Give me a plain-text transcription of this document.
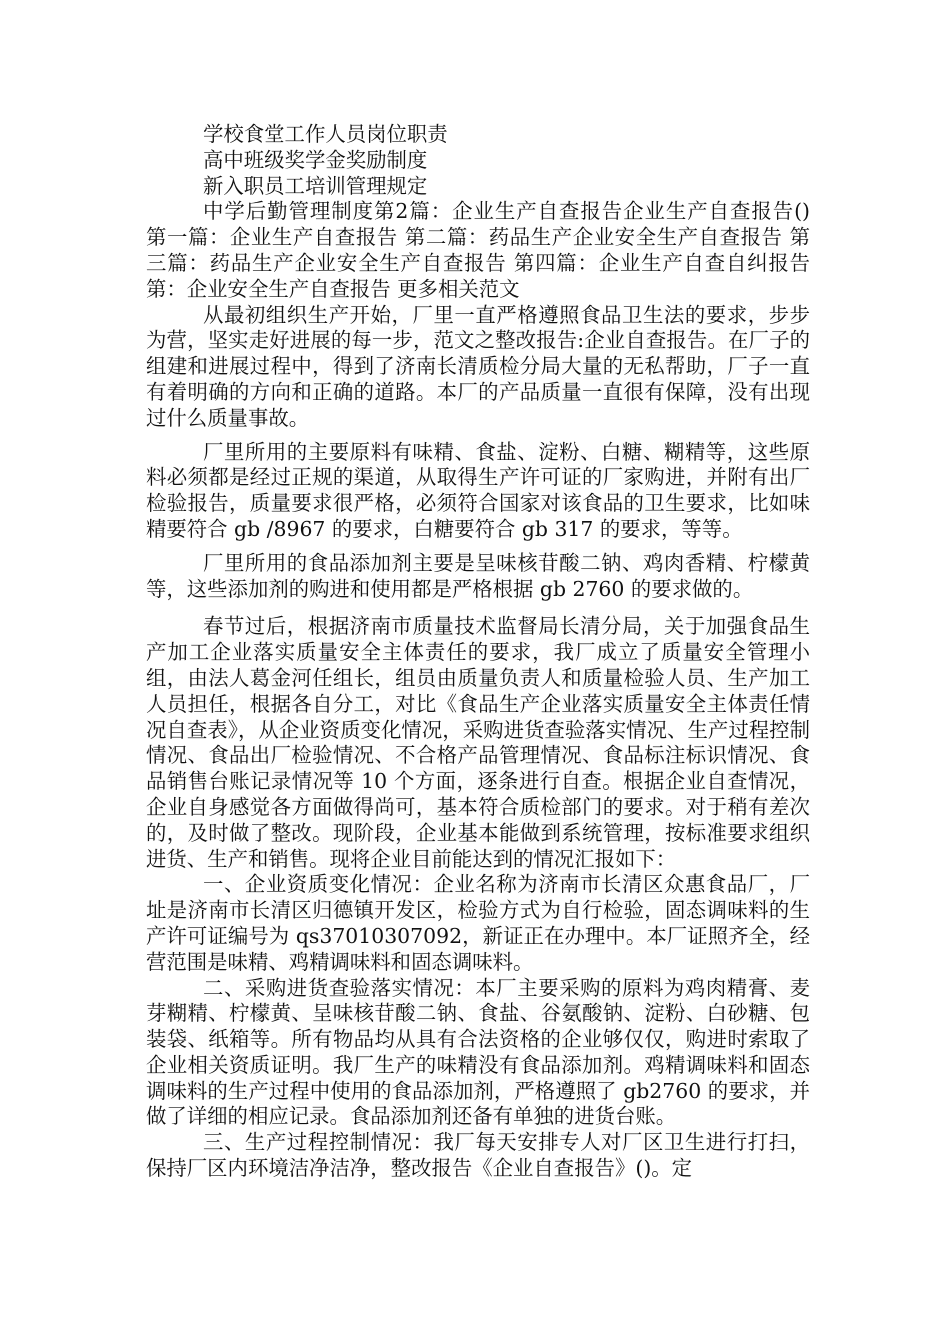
学校食堂工作人员岗位职责

高中班级奖学金奖励制度

新入职员工培训管理规定

中学后勤管理制度第2篇：企业生产自查报告企业生产自查报告()　第一篇：企业生产自查报告 第二篇：药品生产企业安全生产自查报告 第三篇：药品生产企业安全生产自查报告 第四篇：企业生产自查自纠报告 第：企业安全生产自查报告 更多相关范文

从最初组织生产开始，厂里一直严格遵照食品卫生法的要求，步步为营，坚实走好进展的每一步，范文之整改报告:企业自查报告。在厂子的组建和进展过程中，得到了济南长清质检分局大量的无私帮助，厂子一直有着明确的方向和正确的道路。本厂的产品质量一直很有保障，没有出现过什么质量事故。

厂里所用的主要原料有味精、食盐、淀粉、白糖、糊精等，这些原料必须都是经过正规的渠道，从取得生产许可证的厂家购进，并附有出厂检验报告，质量要求很严格，必须符合国家对该食品的卫生要求，比如味精要符合 gb /8967 的要求，白糖要符合 gb 317 的要求，等等。

厂里所用的食品添加剂主要是呈味核苷酸二钠、鸡肉香精、柠檬黄等，这些添加剂的购进和使用都是严格根据 gb 2760 的要求做的。

春节过后，根据济南市质量技术监督局长清分局，关于加强食品生产加工企业落实质量安全主体责任的要求，我厂成立了质量安全管理小组，由法人葛金河任组长，组员由质量负责人和质量检验人员、生产加工人员担任，根据各自分工，对比《食品生产企业落实质量安全主体责任情况自查表》，从企业资质变化情况，采购进货查验落实情况、生产过程控制情况、食品出厂检验情况、不合格产品管理情况、食品标注标识情况、食品销售台账记录情况等 10 个方面，逐条进行自查。根据企业自查情况，企业自身感觉各方面做得尚可，基本符合质检部门的要求。对于稍有差次的，及时做了整改。现阶段，企业基本能做到系统管理，按标准要求组织进货、生产和销售。现将企业目前能达到的情况汇报如下：

一、企业资质变化情况：企业名称为济南市长清区众惠食品厂，厂址是济南市长清区归德镇开发区，检验方式为自行检验，固态调味料的生产许可证编号为 qs37010307092，新证正在办理中。本厂证照齐全，经营范围是味精、鸡精调味料和固态调味料。

二、采购进货查验落实情况：本厂主要采购的原料为鸡肉精膏、麦芽糊精、柠檬黄、呈味核苷酸二钠、食盐、谷氨酸钠、淀粉、白砂糖、包装袋、纸箱等。所有物品均从具有合法资格的企业够仅仅，购进时索取了企业相关资质证明。我厂生产的味精没有食品添加剂。鸡精调味料和固态调味料的生产过程中使用的食品添加剂，严格遵照了 gb2760 的要求，并做了详细的相应记录。食品添加剂还备有单独的进货台账。

三、生产过程控制情况：我厂每天安排专人对厂区卫生进行打扫，保持厂区内环境洁净洁净，整改报告《企业自查报告》()。定
